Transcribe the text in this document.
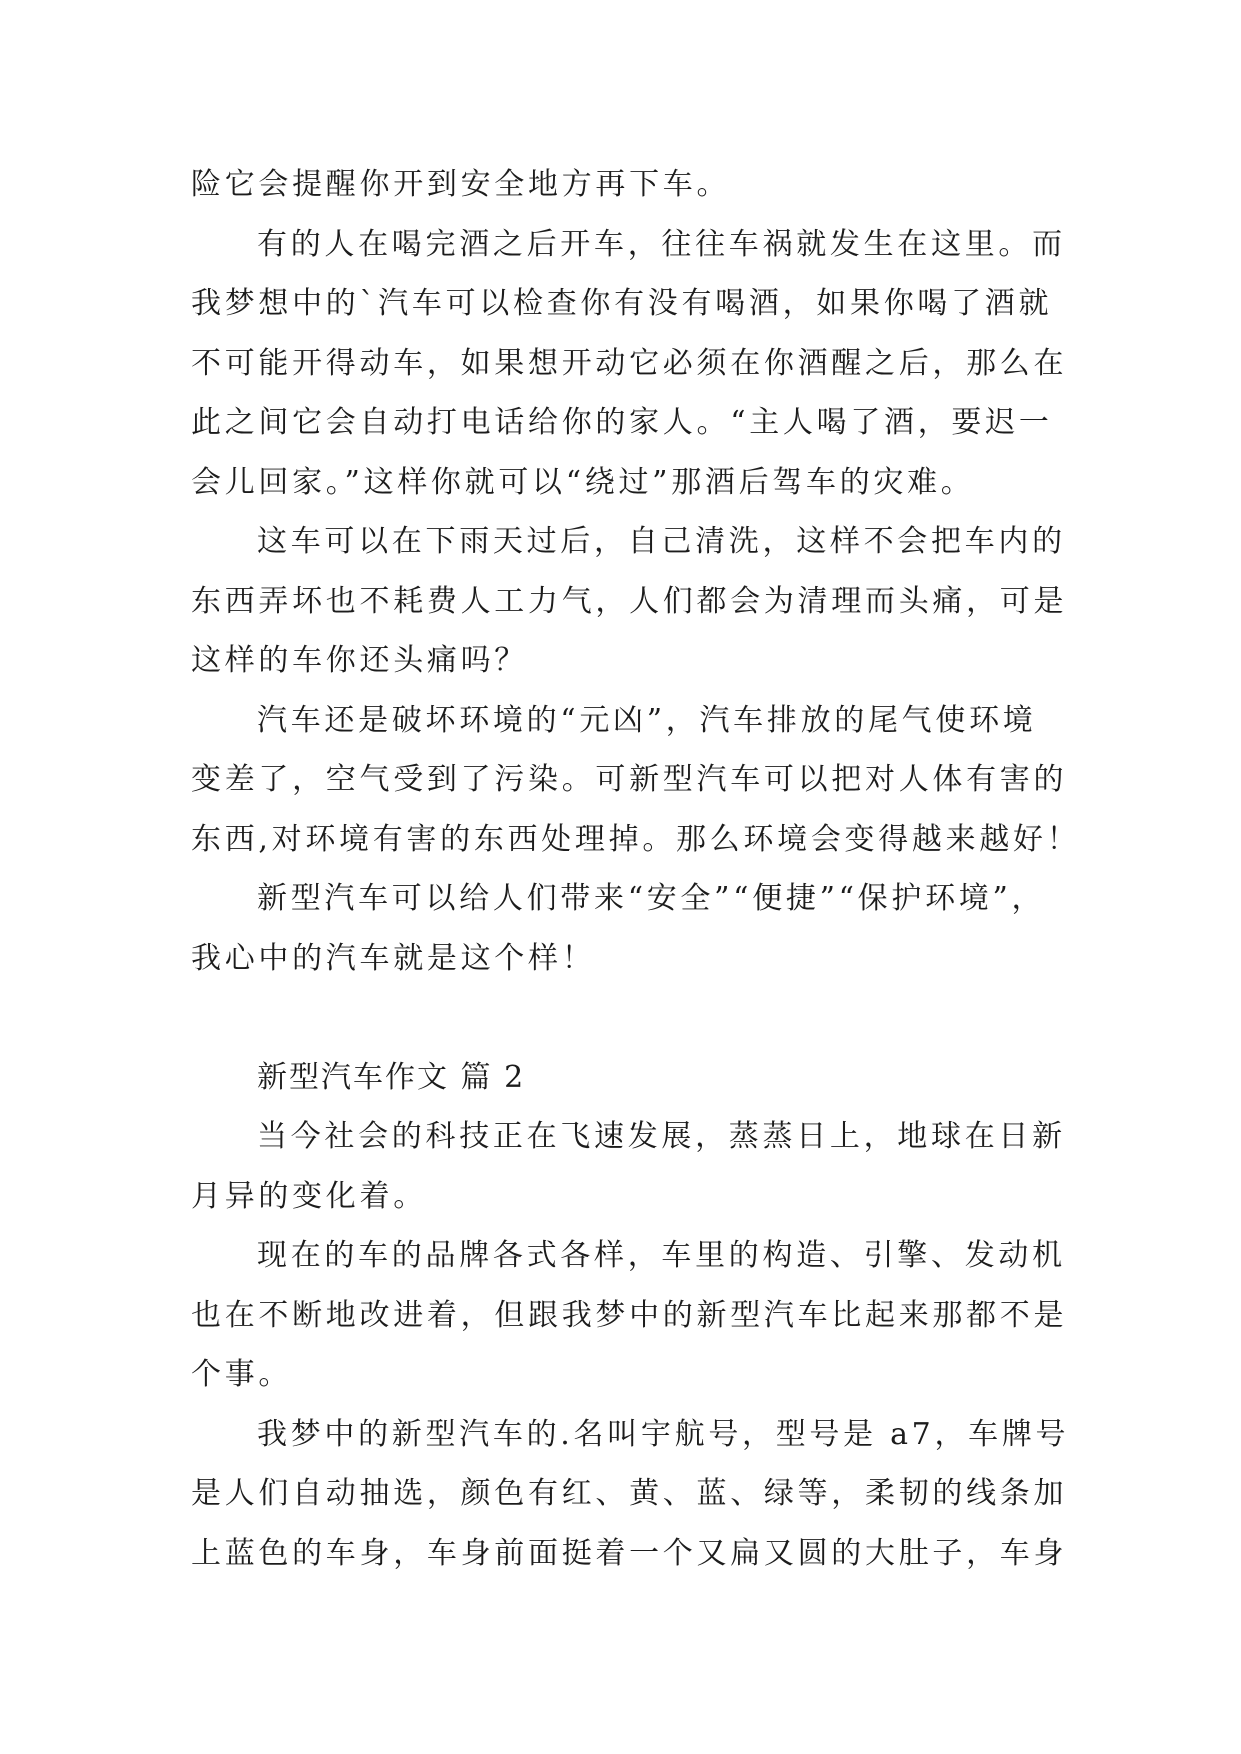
险它会提醒你开到安全地方再下车。
有的人在喝完酒之后开车，往往车祸就发生在这里。而
我梦想中的`汽车可以检查你有没有喝酒，如果你喝了酒就
不可能开得动车，如果想开动它必须在你酒醒之后，那么在
此之间它会自动打电话给你的家人。“主人喝了酒，要迟一
会儿回家。”这样你就可以“绕过”那酒后驾车的灾难。
这车可以在下雨天过后，自己清洗，这样不会把车内的
东西弄坏也不耗费人工力气，人们都会为清理而头痛，可是
这样的车你还头痛吗？
汽车还是破坏环境的“元凶”，汽车排放的尾气使环境
变差了，空气受到了污染。可新型汽车可以把对人体有害的
东西,对环境有害的东西处理掉。那么环境会变得越来越好！
新型汽车可以给人们带来“安全”“便捷”“保护环境”，
我心中的汽车就是这个样！
新型汽车作文 篇 2
当今社会的科技正在飞速发展，蒸蒸日上，地球在日新
月异的变化着。
现在的车的品牌各式各样，车里的构造、引擎、发动机
也在不断地改进着，但跟我梦中的新型汽车比起来那都不是
个事。
我梦中的新型汽车的.名叫宇航号，型号是 a7，车牌号
是人们自动抽选，颜色有红、黄、蓝、绿等，柔韧的线条加
上蓝色的车身，车身前面挺着一个又扁又圆的大肚子，车身
